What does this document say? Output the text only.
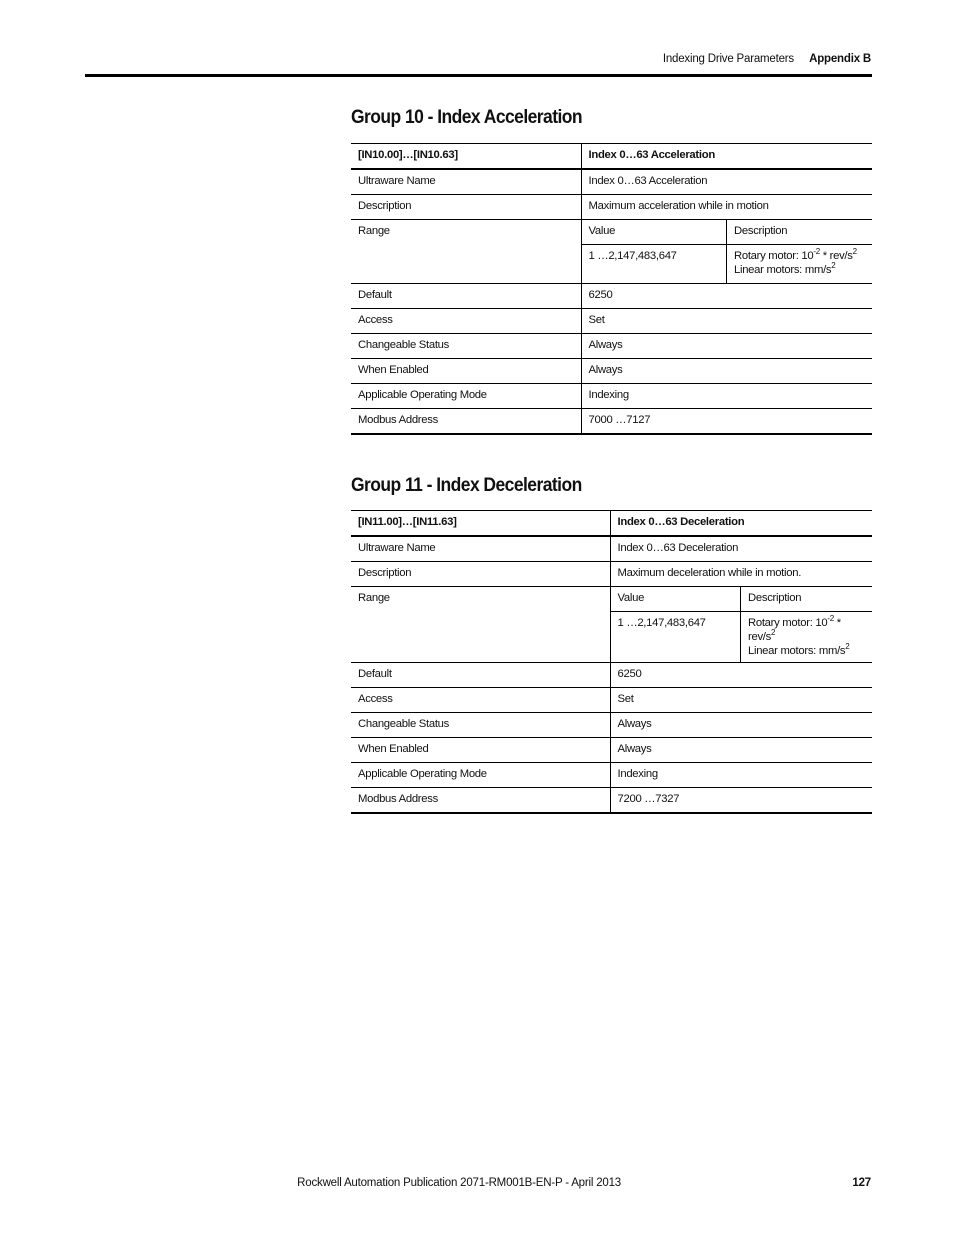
Indexing Drive Parameters Appendix B
Group 10 - Index Acceleration
[IN10.00]…[IN10.63]	Index 0…63 Acceleration
Ultraware Name	Index 0…63 Acceleration
Description	Maximum acceleration while in motion
Range		Value	Description
1 …2,147,483,647	Rotary motor: $10^{-2} * rev/s^2$
Linear motors: $mm/s^2$

Default	6250
Access	Set
Changeable Status	Always
When Enabled	Always
Applicable Operating Mode	Indexing
Modbus Address	7000 …7127
Group 11 - Index Deceleration
[IN11.00]…[IN11.63]	Index 0…63 Deceleration
Ultraware Name	Index 0…63 Deceleration
Description	Maximum deceleration while in motion.
Range		Value	Description
1 …2,147,483,647	Rotary motor: $10^{-2} * rev/s^2$
Linear motors: $mm/s^2$

Default	6250
Access	Set
Changeable Status	Always
When Enabled	Always
Applicable Operating Mode	Indexing
Modbus Address	7200 …7327
Rockwell Automation Publication 2071-RM001B-EN-P - April 2013	127
